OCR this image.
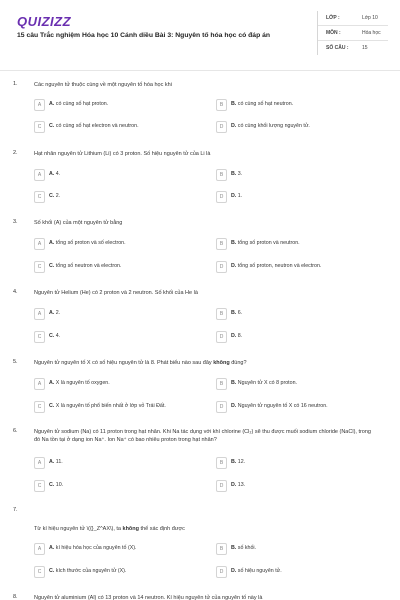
QUIZIZZ
15 câu Trắc nghiệm Hóa học 10 Cánh diều Bài 3: Nguyên tố hóa học có đáp án
LỚP :	Lớp 10
MÔN :	Hóa học
SỐ CÂU :	15
1.	Các nguyên tử thuộc cùng về một nguyên tố hóa học khi
A	A. có cùng số hạt proton.	B	B. có cùng số hạt neutron.
C	C. có cùng số hạt electron và neutron.	D	D. có cùng khối lượng nguyên tử.
2.	Hạt nhân nguyên tử Lithium (Li) có 3 proton. Số hiệu nguyên tử của Li là
A	A. 4.	B	B. 3.
C	C. 2.	D	D. 1.
3.	Số khối (A) của một nguyên tử bằng
A	A. tổng số proton và số electron.	B	B. tổng số proton và neutron.
C	C. tổng số neutron và electron.	D	D. tổng số proton, neutron và electron.
4.	Nguyên tử Helium (He) có 2 proton và 2 neutron. Số khối của He là
A	A. 2.	B	B. 6.
C	C. 4.	D	D. 8.
5.	Nguyên tử nguyên tố X có số hiệu nguyên tử là 8. Phát biểu nào sau đây không đúng?
A	A. X là nguyên tố oxygen.	B	B. Nguyên tử X có 8 proton.
C	C. X là nguyên tố phổ biến nhất ở lớp vỏ Trái Đất.	D	D. Nguyên tử nguyên tố X có 16 neutron.
6.	Nguyên tử sodium (Na) có 11 proton trong hạt nhân. Khi Na tác dụng với khí chlorine (Cl₂) sẽ thu được muối sodium chloride (NaCl), trong đó Na tồn tại ở dạng ion Na⁺. Ion Na⁺ có bao nhiêu proton trong hạt nhân?
A	A. 11.	B	B. 12.
C	C. 10.	D	D. 13.
7.
Từ kí hiệu nguyên tử \({}_Z^AX\), ta không thể xác định được
A	A. kí hiệu hóa học của nguyên tố (X).	B	B. số khối.
C	C. kích thước của nguyên tử (X).	D	D. số hiệu nguyên tử.
8.	Nguyên tử aluminium (Al) có 13 proton và 14 neutron. Kí hiệu nguyên tử của nguyên tố này là
